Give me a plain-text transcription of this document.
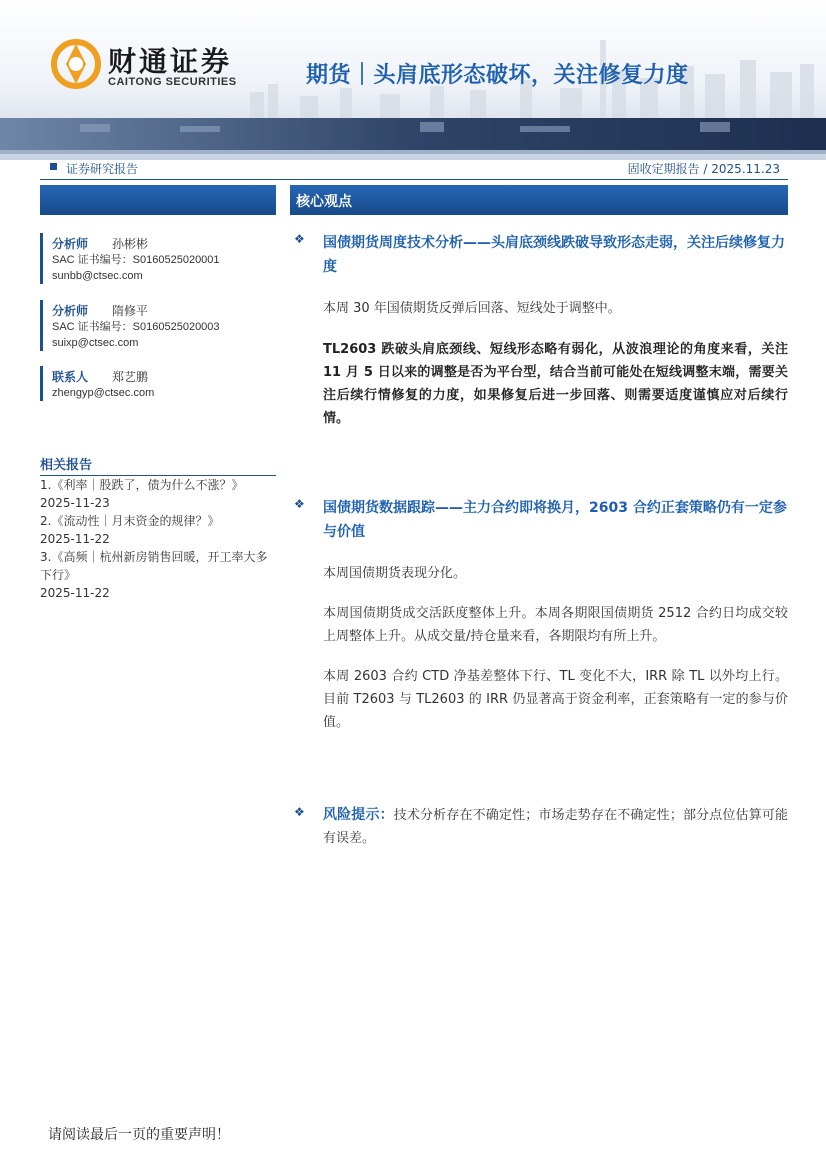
财通证券
CAITONG SECURITIES	期货｜头肩底形态破坏，关注修复力度
证券研究报告	固收定期报告 / 2025.11.23
分析师 孙彬彬
SAC 证书编号：S0160525020001
sunbb@ctsec.com
分析师 隋修平
SAC 证书编号：S0160525020003
suixp@ctsec.com
联系人 郑艺鹏
zhengyp@ctsec.com
相关报告
1.《利率｜股跌了，债为什么不涨？》
2025-11-23
2.《流动性｜月末资金的规律？》
2025-11-22
3.《高频｜杭州新房销售回暖，开工率大多下行》
2025-11-22
核心观点
❖ 国债期货周度技术分析——头肩底颈线跌破导致形态走弱，关注后续修复力度
本周 30 年国债期货反弹后回落、短线处于调整中。
TL2603 跌破头肩底颈线、短线形态略有弱化，从波浪理论的角度来看，关注 11 月 5 日以来的调整是否为平台型，结合当前可能处在短线调整末端，需要关注后续行情修复的力度，如果修复后进一步回落、则需要适度谨慎应对后续行情。
❖ 国债期货数据跟踪——主力合约即将换月，2603 合约正套策略仍有一定参与价值
本周国债期货表现分化。
本周国债期货成交活跃度整体上升。本周各期限国债期货 2512 合约日均成交较上周整体上升。从成交量/持仓量来看，各期限均有所上升。
本周 2603 合约 CTD 净基差整体下行、TL 变化不大，IRR 除 TL 以外均上行。目前 T2603 与 TL2603 的 IRR 仍显著高于资金利率，正套策略有一定的参与价值。
❖ 风险提示：技术分析存在不确定性；市场走势存在不确定性；部分点位估算可能有误差。
请阅读最后一页的重要声明！
